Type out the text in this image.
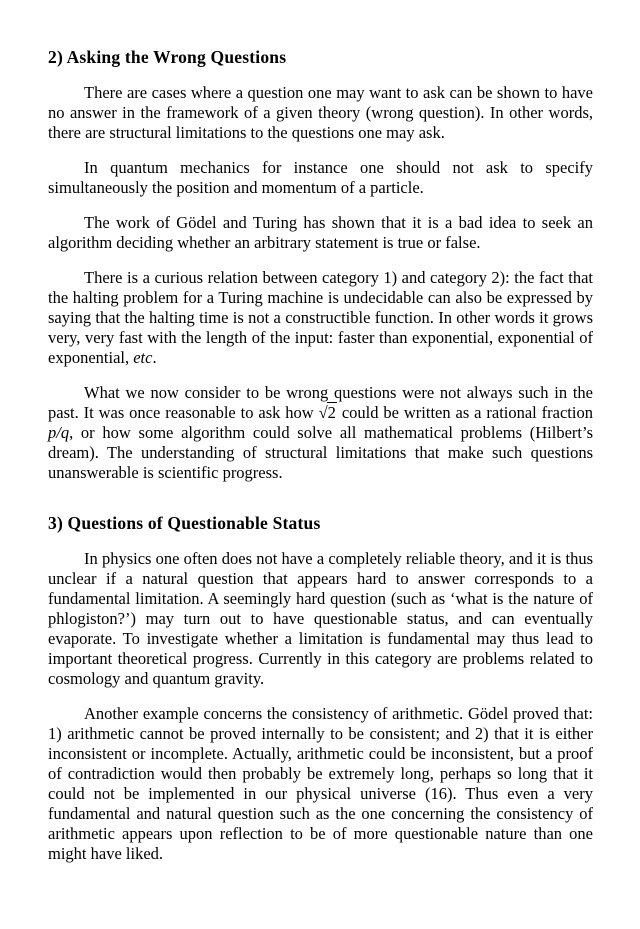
2) Asking the Wrong Questions

There are cases where a question one may want to ask can be shown to have no answer in the framework of a given theory (wrong question). In other words, there are structural limitations to the questions one may ask.

In quantum mechanics for instance one should not ask to specify simultaneously the position and momentum of a particle.

The work of Gödel and Turing has shown that it is a bad idea to seek an algorithm deciding whether an arbitrary statement is true or false.

There is a curious relation between category 1) and category 2): the fact that the halting problem for a Turing machine is undecidable can also be expressed by saying that the halting time is not a constructible function. In other words it grows very, very fast with the length of the input: faster than exponential, exponential of exponential, etc.

What we now consider to be wrong questions were not always such in the past. It was once reasonable to ask how √2 could be written as a rational fraction p/q, or how some algorithm could solve all mathematical problems (Hilbert’s dream). The understanding of structural limitations that make such questions unanswerable is scientific progress.

3) Questions of Questionable Status

In physics one often does not have a completely reliable theory, and it is thus unclear if a natural question that appears hard to answer corresponds to a fundamental limitation. A seemingly hard question (such as ‘what is the nature of phlogiston?’) may turn out to have questionable status, and can eventually evaporate. To investigate whether a limitation is fundamental may thus lead to important theoretical progress. Currently in this category are problems related to cosmology and quantum gravity.

Another example concerns the consistency of arithmetic. Gödel proved that: 1) arithmetic cannot be proved internally to be consistent; and 2) that it is either inconsistent or incomplete. Actually, arithmetic could be inconsistent, but a proof of contradiction would then probably be extremely long, perhaps so long that it could not be implemented in our physical universe (16). Thus even a very fundamental and natural question such as the one concerning the consistency of arithmetic appears upon reflection to be of more questionable nature than one might have liked.
